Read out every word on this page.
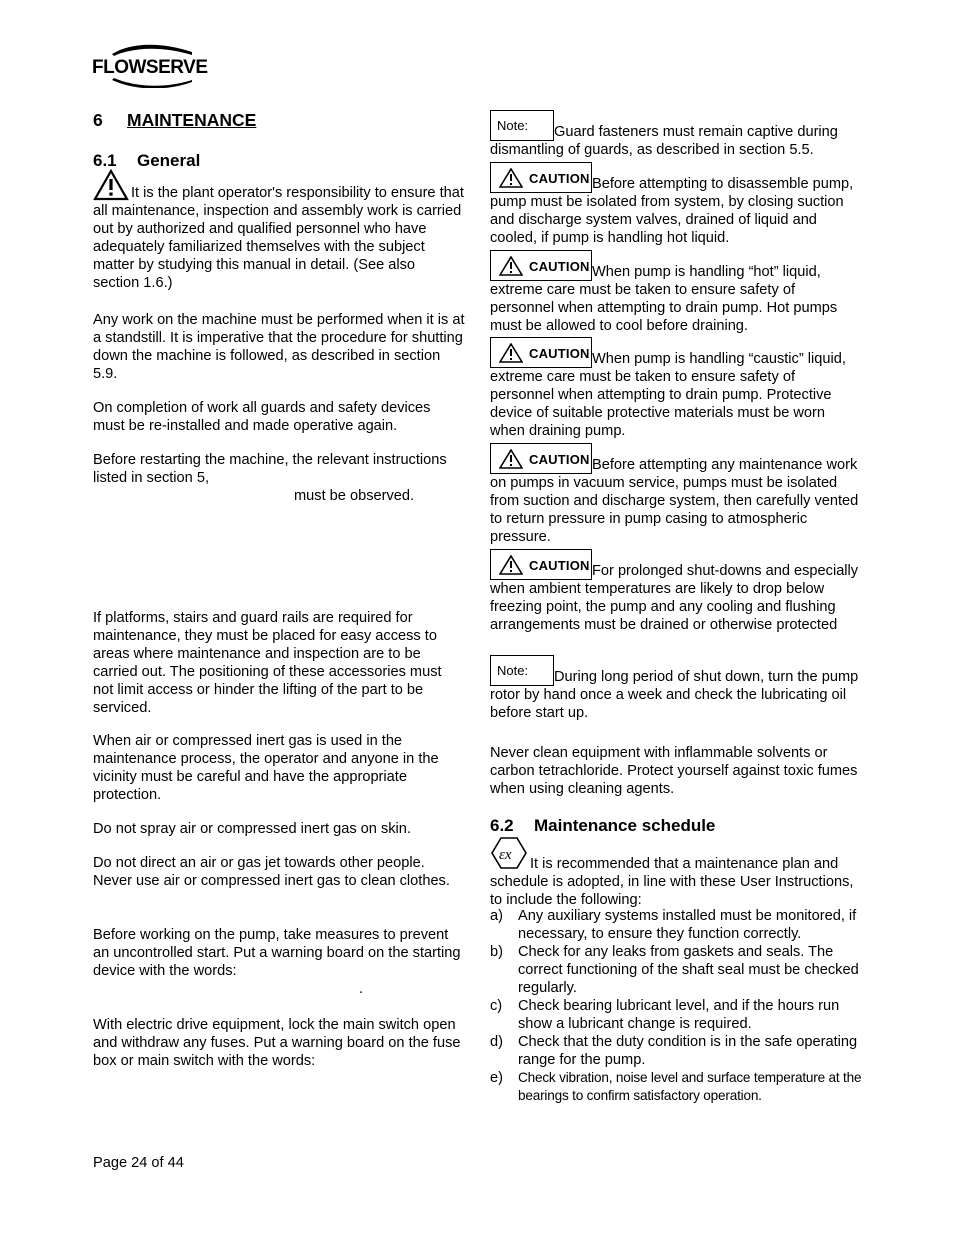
FLOWSERVE
6 MAINTENANCE
6.1 General

It is the plant operator's responsibility to ensure that all maintenance, inspection and assembly work is carried out by authorized and qualified personnel who have adequately familiarized themselves with the subject matter by studying this manual in detail. (See also section 1.6.)

Any work on the machine must be performed when it is at a standstill. It is imperative that the procedure for shutting down the machine is followed, as described in section 5.9.

On completion of work all guards and safety devices must be re-installed and made operative again.

Before restarting the machine, the relevant instructions listed in section 5,

must be observed.

If platforms, stairs and guard rails are required for maintenance, they must be placed for easy access to areas where maintenance and inspection are to be carried out. The positioning of these accessories must not limit access or hinder the lifting of the part to be serviced.

When air or compressed inert gas is used in the maintenance process, the operator and anyone in the vicinity must be careful and have the appropriate protection.

Do not spray air or compressed inert gas on skin.

Do not direct an air or gas jet towards other people. Never use air or compressed inert gas to clean clothes.

Before working on the pump, take measures to prevent an uncontrolled start. Put a warning board on the starting device with the words:

.

With electric drive equipment, lock the main switch open and withdraw any fuses. Put a warning board on the fuse box or main switch with the words:

Note: Guard fasteners must remain captive during dismantling of guards, as described in section 5.5.

CAUTION Before attempting to disassemble pump, pump must be isolated from system, by closing suction and discharge system valves, drained of liquid and cooled, if pump is handling hot liquid.

CAUTION When pump is handling “hot” liquid, extreme care must be taken to ensure safety of personnel when attempting to drain pump. Hot pumps must be allowed to cool before draining.

CAUTION When pump is handling “caustic” liquid, extreme care must be taken to ensure safety of personnel when attempting to drain pump. Protective device of suitable protective materials must be worn when draining pump.

CAUTION Before attempting any maintenance work on pumps in vacuum service, pumps must be isolated from suction and discharge system, then carefully vented to return pressure in pump casing to atmospheric pressure.

CAUTION For prolonged shut-downs and especially when ambient temperatures are likely to drop below freezing point, the pump and any cooling and flushing arrangements must be drained or otherwise protected

Note: During long period of shut down, turn the pump rotor by hand once a week and check the lubricating oil before start up.

Never clean equipment with inflammable solvents or carbon tetrachloride. Protect yourself against toxic fumes when using cleaning agents.

6.2 Maintenance schedule

εx
It is recommended that a maintenance plan and schedule is adopted, in line with these User Instructions, to include the following:

a) Any auxiliary systems installed must be monitored, if necessary, to ensure they function correctly.
b) Check for any leaks from gaskets and seals. The correct functioning of the shaft seal must be checked regularly.
c) Check bearing lubricant level, and if the hours run show a lubricant change is required.
d) Check that the duty condition is in the safe operating range for the pump.
e) Check vibration, noise level and surface temperature at the bearings to confirm satisfactory operation.
Page 24 of 44
